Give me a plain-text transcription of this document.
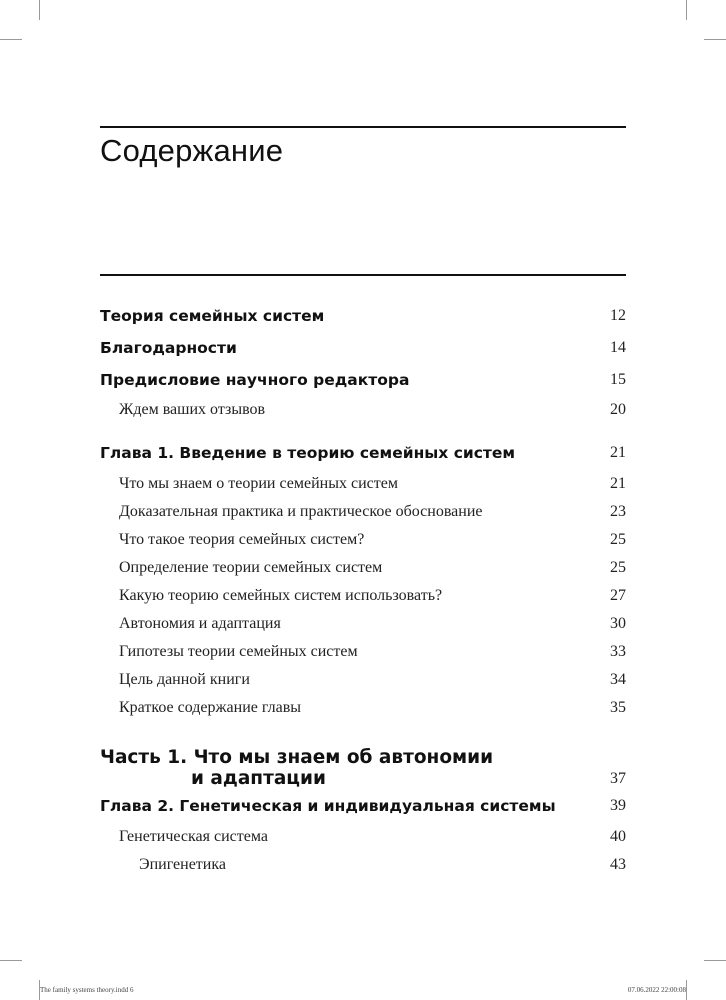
Содержание
Теория семейных систем	12
Благодарности	14
Предисловие научного редактора	15
Ждем ваших отзывов	20
Глава 1. Введение в теорию семейных систем	21
Что мы знаем о теории семейных систем	21
Доказательная практика и практическое обоснование	23
Что такое теория семейных систем?	25
Определение теории семейных систем	25
Какую теорию семейных систем использовать?	27
Автономия и адаптация	30
Гипотезы теории семейных систем	33
Цель данной книги	34
Краткое содержание главы	35
Часть 1. Что мы знаем об автономии
и адаптации	37
Глава 2. Генетическая и индивидуальная системы	39
Генетическая система	40
Эпигенетика	43
The family systems theory.indd 6	07.06.2022 22:00:08
